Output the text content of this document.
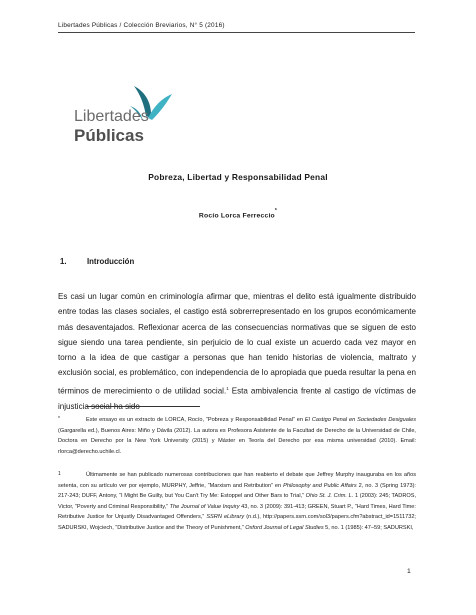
Libertades Públicas / Colección Breviarios, N° 5 (2016)
Libertades
Públicas
Pobreza, Libertad y Responsabilidad Penal
Rocío Lorca Ferreccio*
1.	Introducción
Es casi un lugar común en criminología afirmar que, mientras el delito está igualmente distribuido entre todas las clases sociales, el castigo está sobrerrepresentado en los grupos económicamente más desaventajados. Reflexionar acerca de las consecuencias normativas que se siguen de esto sigue siendo una tarea pendiente, sin perjuicio de lo cual existe un acuerdo cada vez mayor en torno a la idea de que castigar a personas que han tenido historias de violencia, maltrato y exclusión social, es problemático, con independencia de lo apropiada que pueda resultar la pena en términos de merecimiento o de utilidad social.$^1$ Esta ambivalencia frente al castigo de víctimas de injusticia social ha sido
*	Este ensayo es un extracto de LORCA, Rocío, “Pobreza y Responsabilidad Penal” en El Castigo Penal en Sociedades Desiguales (Gargarella ed.), Buenos Aires: Miño y Dávila (2012). La autora es Profesora Asistente de la Facultad de Derecho de la Universidad de Chile, Doctora en Derecho por la New York University (2015) y Máster en Teoría del Derecho por esa misma universidad (2010). Email: rlorca@derecho.uchile.cl.
1	Últimamente se han publicado numerosas contribuciones que han reabierto el debate que Jeffrey Murphy inauguraba en los años setenta, con su artículo ver por ejemplo, MURPHY, Jeffrie, “Marxism and Retribution” en Philosophy and Public Affairs 2, no. 3 (Spring 1973): 217-243; DUFF, Antony, “I Might Be Guilty, but You Can't Try Me: Estoppel and Other Bars to Trial,” Ohio St. J. Crim. L. 1 (2003): 245; TADROS, Victor, “Poverty and Criminal Responsibility,” The Journal of Value Inquiry 43, no. 3 (2009): 391-413; GREEN, Stuart P., “Hard Times, Hard Time: Retributive Justice for Unjustly Disadvantaged Offenders,” SSRN eLibrary (n.d.), http://papers.ssrn.com/sol3/papers.cfm?abstract_id=1511732; SADURSKI, Wojciech, “Distributive Justice and the Theory of Punishment,” Oxford Journal of Legal Studies 5, no. 1 (1985): 47–59; SADURSKI,
1
